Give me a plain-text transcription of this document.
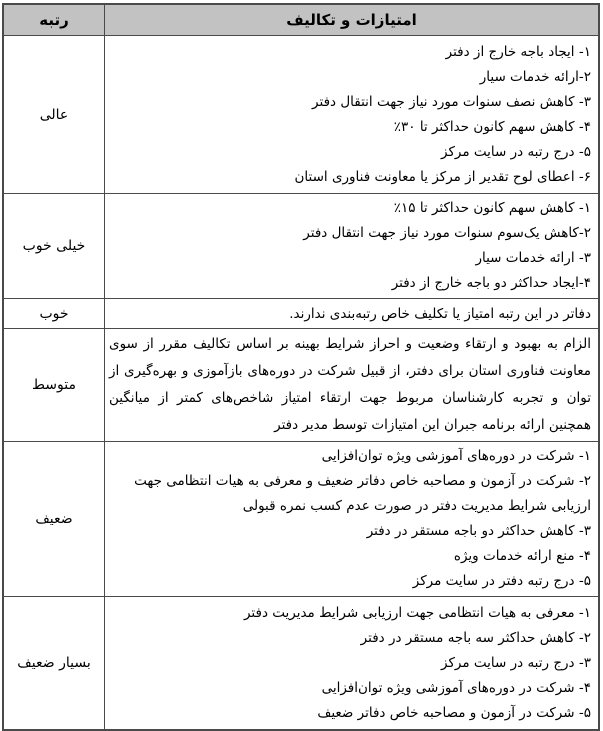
امتیازات و تکالیف	رتبه

۱- ایجاد باجه خارج از دفتر
۲-ارائه خدمات سیار
۳- کاهش نصف سنوات مورد نیاز جهت انتقال دفتر
۴- کاهش سهم کانون حداکثر تا ۳۰‏٪
۵- درج رتبه در سایت مرکز
۶- اعطای لوح تقدیر از مرکز یا معاونت فناوری استان
	عالی

۱- کاهش سهم کانون حداکثر تا ۱۵‏٪
۲-کاهش یک‌سوم سنوات مورد نیاز جهت انتقال دفتر
۳- ارائه خدمات سیار
۴-ایجاد حداکثر دو باجه خارج از دفتر	خیلی خوب

دفاتر در این رتبه امتیاز یا تکلیف خاص رتبه‌بندی ندارند.	خوب

الزام به بهبود و ارتقاء وضعیت و احراز شرایط بهینه بر اساس تکالیف مقرر از سوی معاونت فناوری استان برای دفتر، از قبیل شرکت در دوره‌های بازآموزی و بهره‌گیری از توان و تجربه کارشناسان مربوط جهت ارتقاء امتیاز شاخص‌های کمتر از میانگین همچنین ارائه برنامه جبران این امتیازات توسط مدیر دفتر	متوسط

۱- شرکت در دوره‌های آموزشی ویژه توان‌افزایی
۲- شرکت در آزمون و مصاحبه خاص دفاتر ضعیف و معرفی به هیات انتظامی جهت ارزیابی شرایط مدیریت دفتر در صورت عدم کسب نمره قبولی
۳- کاهش حداکثر دو باجه مستقر در دفتر
۴- منع ارائه خدمات ویژه
۵- درج رتبه دفتر در سایت مرکز	ضعیف

۱- معرفی به هیات انتظامی جهت ارزیابی شرایط مدیریت دفتر
۲- کاهش حداکثر سه باجه مستقر در دفتر
۳- درج رتبه در سایت مرکز
۴- شرکت در دوره‌های آموزشی ویژه توان‌افزایی
۵- شرکت در آزمون و مصاحبه خاص دفاتر ضعیف	بسیار ضعیف
